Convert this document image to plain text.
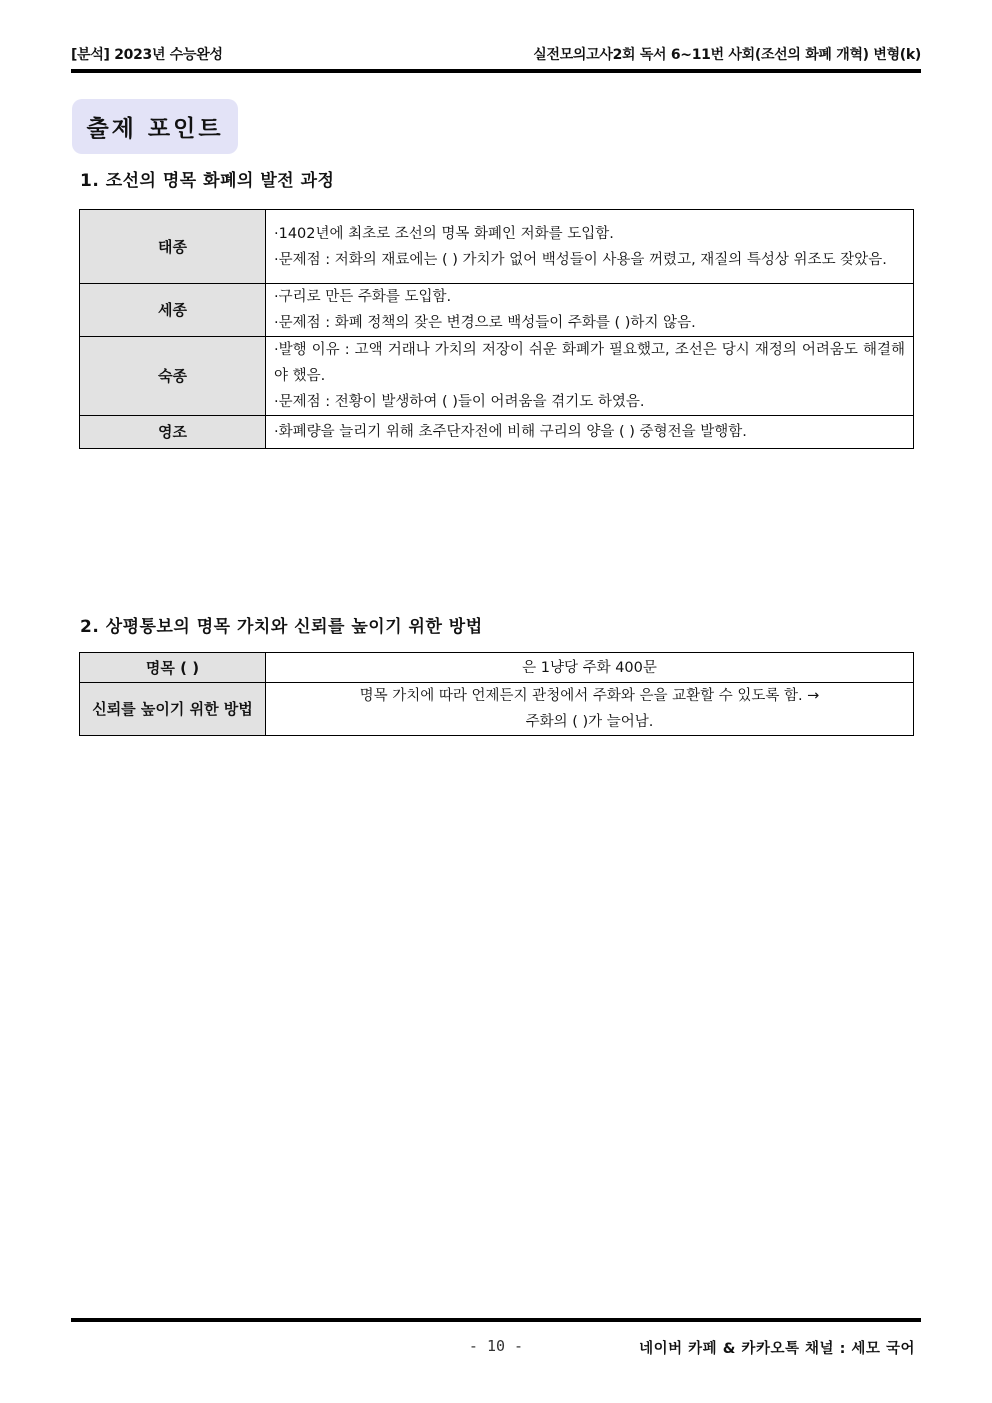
[분석] 2023년 수능완성	실전모의고사2회 독서 6~11번 사회(조선의 화폐 개혁) 변형(k)
출제 포인트
1. 조선의 명목 화폐의 발전 과정
태종	·1402년에 최초로 조선의 명목 화폐인 저화를 도입함.
·문제점 : 저화의 재료에는 ( ) 가치가 없어 백성들이 사용을 꺼렸고, 재질의 특성상 위조도 잦았음.

세종	·구리로 만든 주화를 도입함.
·문제점 : 화폐 정책의 잦은 변경으로 백성들이 주화를 ( )하지 않음.

숙종	·발행 이유 : 고액 거래나 가치의 저장이 쉬운 화폐가 필요했고, 조선은 당시 재정의 어려움도 해결해야 했음.
·문제점 : 전황이 발생하여 ( )들이 어려움을 겪기도 하였음.

영조	·화폐량을 늘리기 위해 초주단자전에 비해 구리의 양을 ( ) 중형전을 발행함.
2. 상평통보의 명목 가치와 신뢰를 높이기 위한 방법
명목 ( )	은 1냥당 주화 400문

신뢰를 높이기 위한 방법	명목 가치에 따라 언제든지 관청에서 주화와 은을 교환할 수 있도록 함. →
주화의 ( )가 늘어남.
- 10 -	네이버 카페 & 카카오톡 채널 : 세모 국어
